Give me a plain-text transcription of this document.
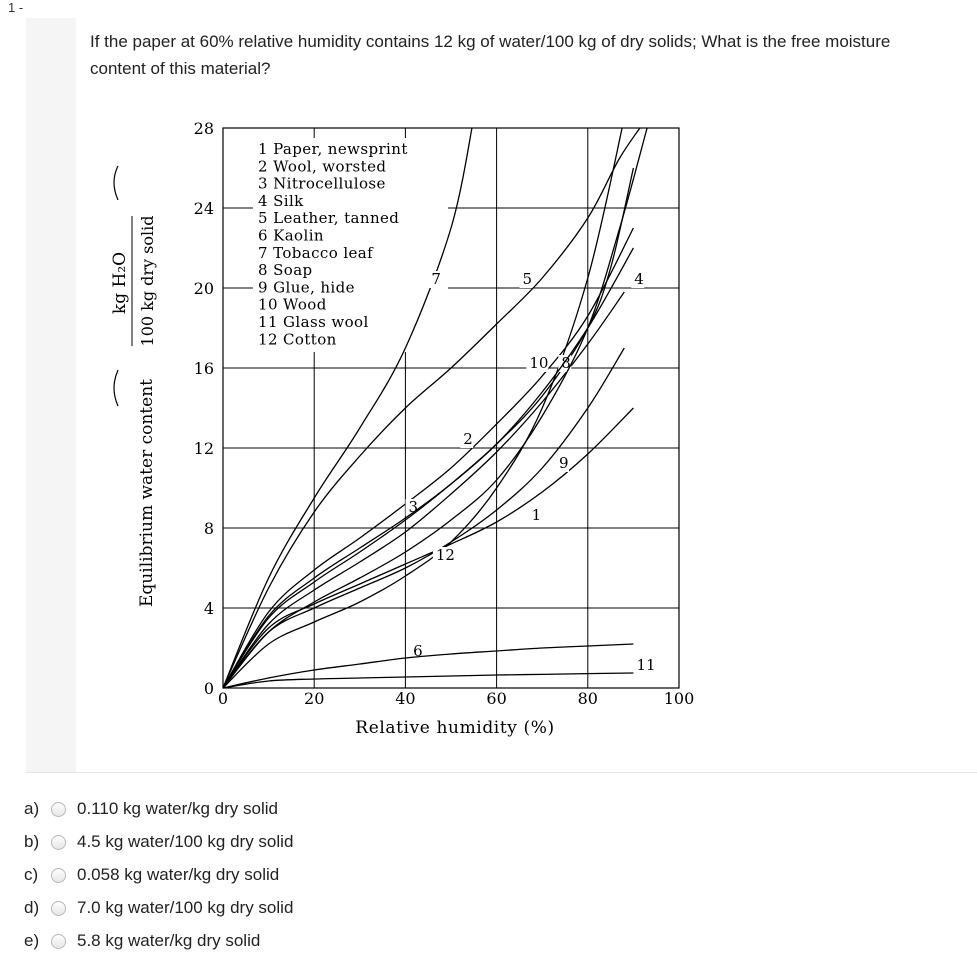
1 -
If the paper at 60% relative humidity contains 12 kg of water/100 kg of dry solids; What is the free moisture content of this material?
0	20	40	60	80	100
0
4
8
12
16
20
24
28
Relative humidity (%)
Equilibrium water content
kg H₂O 100 kg dry solid
1 Paper, newsprint
2 Wool, worsted
3 Nitrocellulose
4 Silk
5 Leather, tanned
6 Kaolin
7 Tobacco leaf
8 Soap
9 Glue, hide
10 Wood
11 Glass wool
12 Cotton
1
2
3
4
5
6
7
8
9
10
11
12
a)	0.110 kg water/kg dry solid
b)	4.5 kg water/100 kg dry solid
c)	0.058 kg water/kg dry solid
d)	7.0 kg water/100 kg dry solid
e)	5.8 kg water/kg dry solid
